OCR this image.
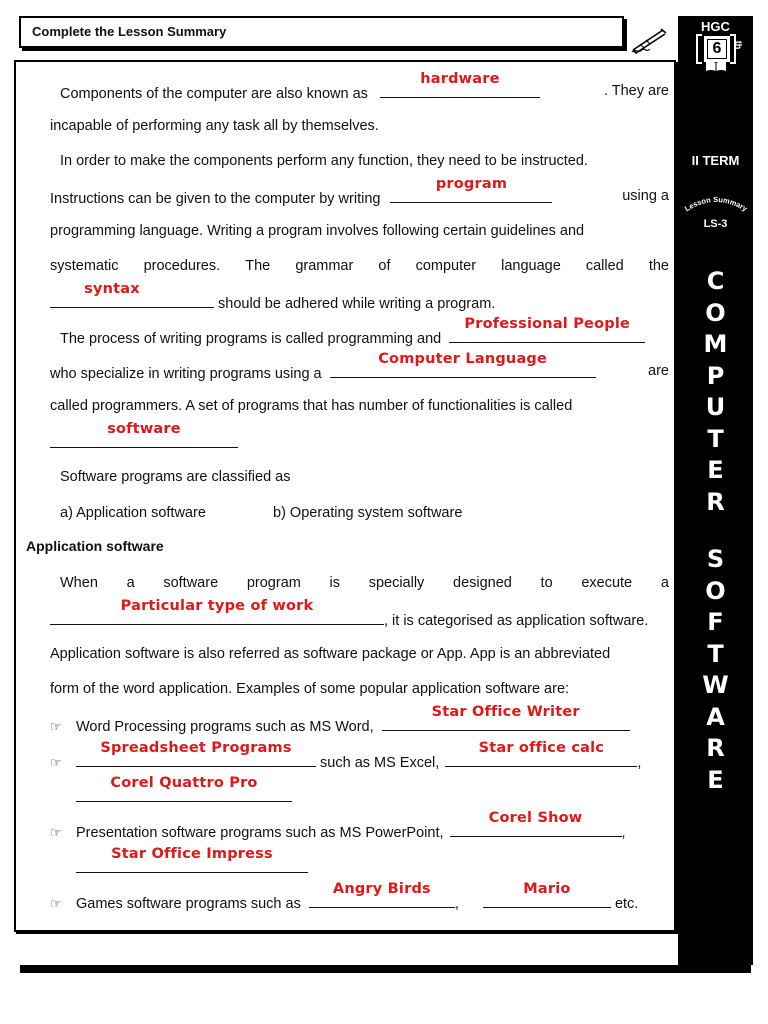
Complete the Lesson Summary	HGC
6	th
II TERM
Lesson Summary
LS-3
C
O
M
P
U
T
E
R
S
O
F
T
W
A
R
E
Components of the computer are also known as
hardware
. They are
incapable of performing any task all by themselves.
In order to make the components perform any function, they need to be instructed.
Instructions can be given to the computer by writing
program
using a
programming language. Writing a program involves following certain guidelines and
systematic procedures. The grammar of computer language called the
syntax
should be adhered while writing a program.
The process of writing programs is called programming and
Professional People
who specialize in writing programs using a
Computer Language
are
called programmers. A set of programs that has number of functionalities is called
software
Software programs are classified as
a) Application software	b) Operating system software
Application software
When a software program is specially designed to execute a
Particular type of work
, it is categorised as application software.
Application software is also referred as software package or App. App is an abbreviated
form of the word application. Examples of some popular application software are:
☞ Word Processing programs such as MS Word,
Star Office Writer
☞
Spreadsheet Programs
such as MS Excel,
Star office calc
,
Corel Quattro Pro
☞ Presentation software programs such as MS PowerPoint,
Corel Show
,
Star Office Impress
☞ Games software programs such as
Angry Birds
,
Mario
etc.
